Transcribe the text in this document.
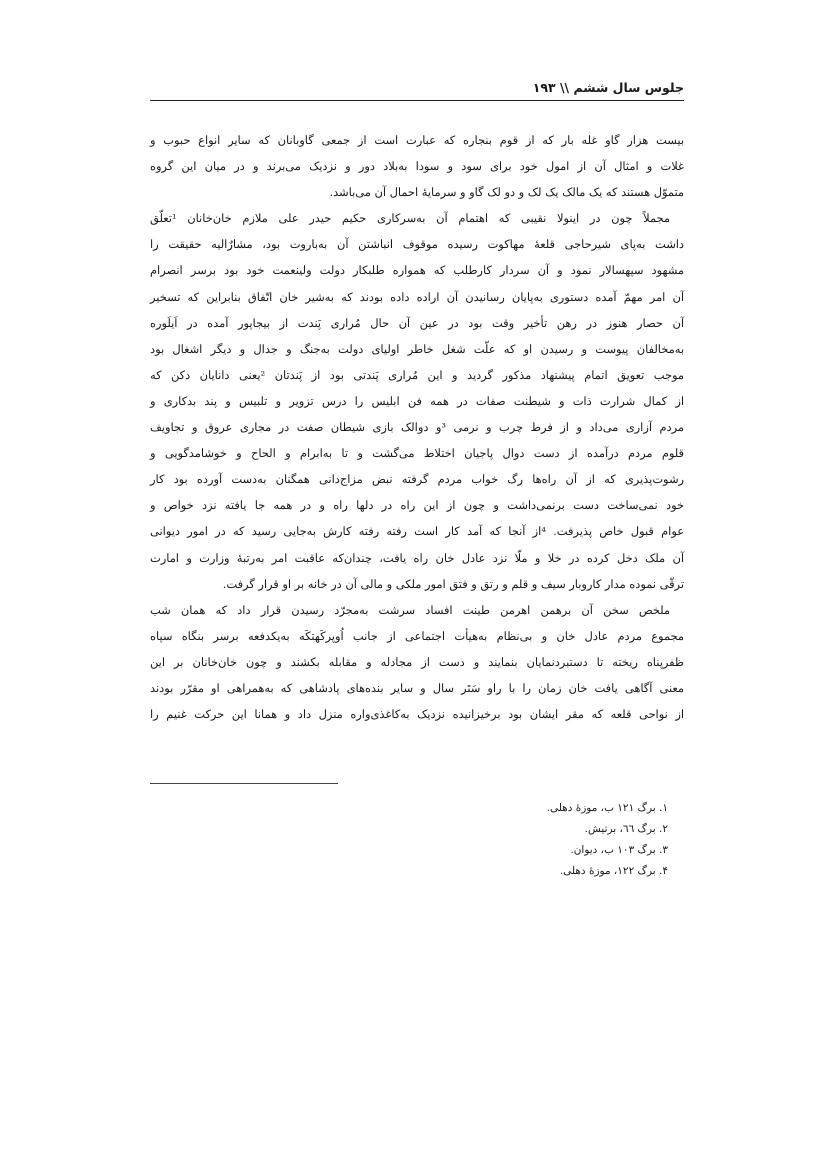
جلوس سال ششم \\ ۱۹۳

بیست هزار گاو غله بار که از قوم بنجاره که عبارت است از جمعی گاوبانان که سایر انواع حبوب و

غلات و امثال آن از امول خود برای سود و سودا به‌بلاد دور و نزدیک می‌برند و در میان این گروه

متموّل هستند که یک مالک یک لک و دو لک گاو و سرمایهٔ احمال آن می‌باشد.

مجملاً چون در اینولا نقیبی که اهتمام آن به‌سرکاری حکیم حیدر علی ملازم خان‌خانان ¹تعلّق

داشت به‌پای شیرحاجی قلعهٔ مهاکوت رسیده موقوف انباشتن آن به‌باروت بود، مشارٌالیه حقیقت را

مشهود سپهسالار نمود و آن سردار کارطلب که همواره طلبکار دولت ولینعمت خود بود برسر انصرام

آن امر مهمّ آمده دستوری به‌پایان رسانیدن آن اراده داده بودند که به‌شیر خان اتّفاق بنابراین که تسخیر

آن حصار هنوز در رهن تأخیر وقت بود در عین آن حال مُراری پَندت از بیجاپور آمده در اَیلَوره

به‌مخالفان پیوست و رسیدن او که علّت شغل خاطر اولیای دولت به‌جنگ و جدال و دیگر اشغال بود

موجب تعویق اتمام پیشنهاد مذکور گردید و این مُراری پَندتی بود از پَندتان ²یعنی دانایان دکن که

از کمال شرارت ذات و شیطنت صفات در همه فن ابلیس را درس تزویر و تلبیس و پند بدکاری و

مردم آزاری می‌داد و از فرط چرب و نرمی ³و دوالک بازی شیطان صفت در مجاری عروق و تجاویف

قلوم مردم درآمده از دست دوال پاجیان اختلاط می‌گشت و تا به‌ابرام و الحاح و خوشامدگویی و

رشوت‌پذیری که از آن راه‌ها رگ خواب مردم گرفته نبض مزاج‌دانی همگنان به‌دست آورده بود کار

خود نمی‌ساخت دست برنمی‌داشت و چون از این راه در دلها راه و در همه جا یافته نزد خواص و

عوام قبول خاص پذیرفت. ⁴از آنجا که آمد کار است رفته رفته کارش به‌جایی رسید که در امور دیوانی

آن ملک دخل کرده در خلا و ملّا نزد عادل خان راه یافت، چندان‌که عاقبت امر به‌رتبهٔ وزارت و امارت

ترقّی نموده مدار کاروبار سیف و قلم و رتق و فتق امور ملکی و مالی آن در خانه بر او قرار گرفت.

ملخص سخن آن برهمن اهرمن طینت افساد سرشت به‌مجرّد رسیدن قرار داد که همان شب

مجموع مردم عادل خان و بی‌نظام به‌هیأت اجتماعی از جانب اُوپرکَهتکَه به‌یکدفعه برسر بنگاه سپاه

ظفرپناه ریخته تا دستبردنمایان بنمایند و دست از مجادله و مقابله بکشند و چون خان‌خانان بر این

معنی آگاهی یافت خان زمان را با راو سَتَر سال و سایر بنده‌های پادشاهی که به‌همراهی او مقرّر بودند

از نواحی قلعه که مقر ایشان بود برخیزانیده نزدیک به‌کاغذی‌واره منزل داد و همانا این حرکت غنیم را

۱. برگ ۱۲۱ ب، موزهٔ دهلی.
۲. برگ ٦٦، برتیش.
۳. برگ ۱۰۳ ب، دیوان.
۴. برگ ۱۲۲، موزهٔ دهلی.
